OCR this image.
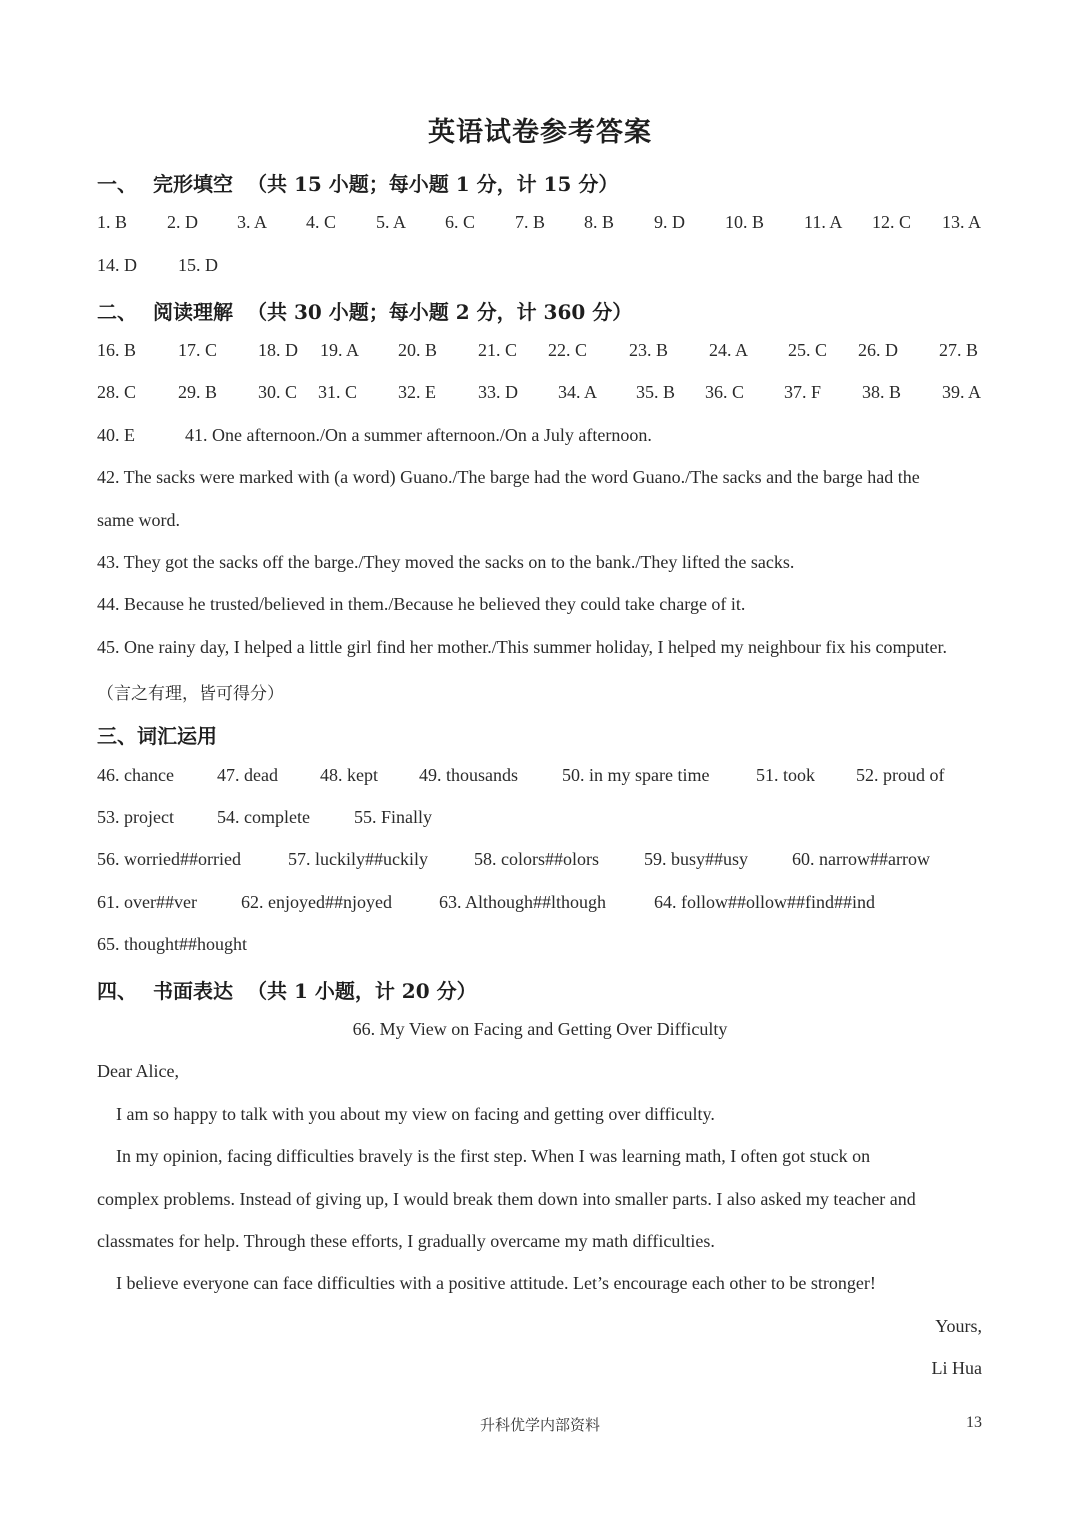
英语试卷参考答案
一、 完形填空 （共 15 小题；每小题 1 分，计 15 分）
1. B 2. D 3. A 4. C 5. A 6. C 7. B 8. B 9. D 10. B 11. A 12. C 13. A
14. D 15. D
二、 阅读理解 （共 30 小题；每小题 2 分，计 360 分）
16. B 17. C 18. D 19. A 20. B 21. C 22. C 23. B 24. A 25. C 26. D 27. B
28. C 29. B 30. C 31. C 32. E 33. D 34. A 35. B 36. C 37. F 38. B 39. A
40. E	41. One afternoon./On a summer afternoon./On a July afternoon.
42. The sacks were marked with (a word) Guano./The barge had the word Guano./The sacks and the barge had the
same word.
43. They got the sacks off the barge./They moved the sacks on to the bank./They lifted the sacks.
44. Because he trusted/believed in them./Because he believed they could take charge of it.
45. One rainy day, I helped a little girl find her mother./This summer holiday, I helped my neighbour fix his computer.
（言之有理，皆可得分）
三、词汇运用
46. chance 47. dead 48. kept 49. thousands 50. in my spare time	51. took 52. proud of
53. project 54. complete 55. Finally
56. worried##orried	57. luckily##uckily	58. colors##olors	59. busy##usy 60. narrow##arrow
61. over##ver 62. enjoyed##njoyed	63. Although##lthough	64. follow##ollow##find##ind
65. thought##hought
四、 书面表达 （共 1 小题，计 20 分）
66. My View on Facing and Getting Over Difficulty
Dear Alice,
I am so happy to talk with you about my view on facing and getting over difficulty.
In my opinion, facing difficulties bravely is the first step. When I was learning math, I often got stuck on
complex problems. Instead of giving up, I would break them down into smaller parts. I also asked my teacher and
classmates for help. Through these efforts, I gradually overcame my math difficulties.
I believe everyone can face difficulties with a positive attitude. Let’s encourage each other to be stronger!
Yours,
Li Hua
升科优学内部资料	13
